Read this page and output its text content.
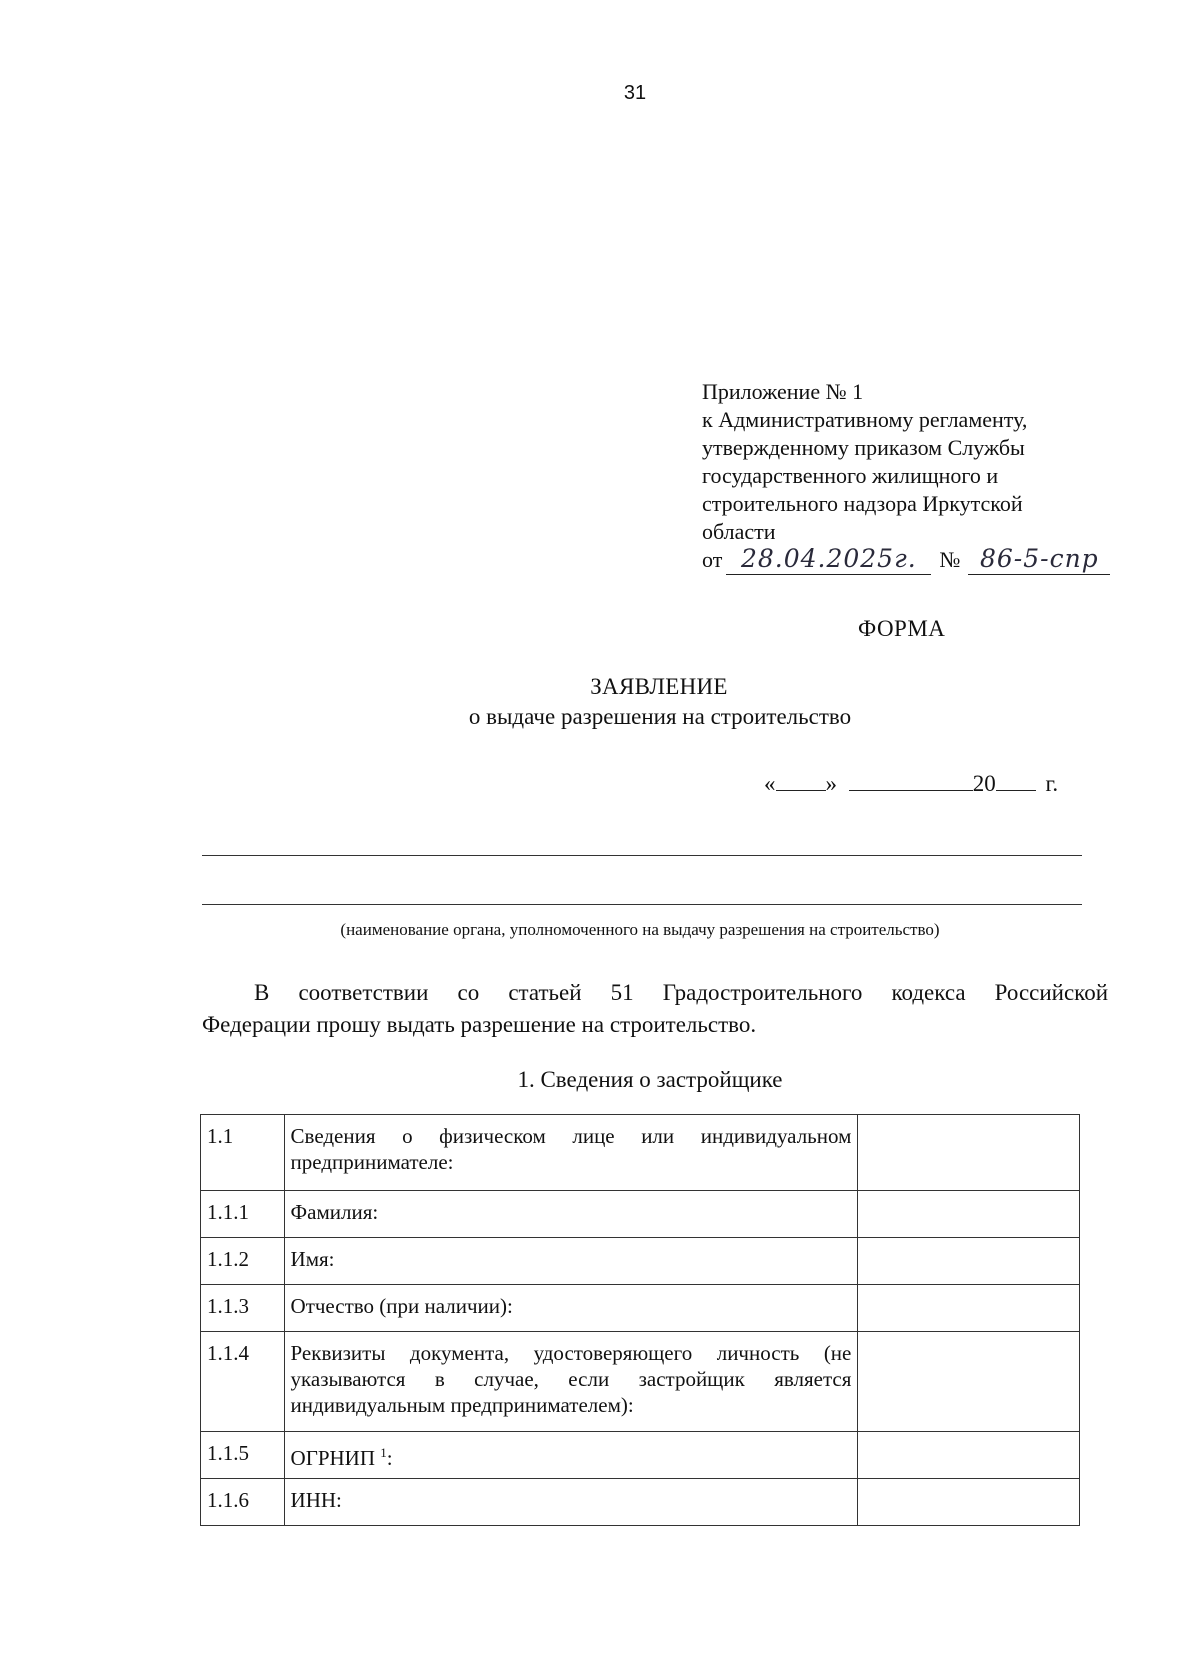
31
Приложение № 1
к Административному регламенту,
утвержденному приказом Службы
государственного жилищного и
строительного надзора Иркутской
области
от 28.04.2025г. № 86-5-спр
ФОРМА
ЗАЯВЛЕНИЕ
о выдаче разрешения на строительство
« »	20 г.
(наименование органа, уполномоченного на выдачу разрешения на строительство)
В соответствии со статьей 51 Градостроительного кодекса Российской
Федерации прошу выдать разрешение на строительство.
1. Сведения о застройщике
1.1	Сведения о физическом лице или индивидуальном предпринимателе:	
1.1.1	Фамилия:	
1.1.2	Имя:	
1.1.3	Отчество (при наличии):	
1.1.4	Реквизиты документа, удостоверяющего личность (не указываются в случае, если застройщик является индивидуальным предпринимателем):	
1.1.5	ОГРНИП $^1$:	
1.1.6	ИНН:	
